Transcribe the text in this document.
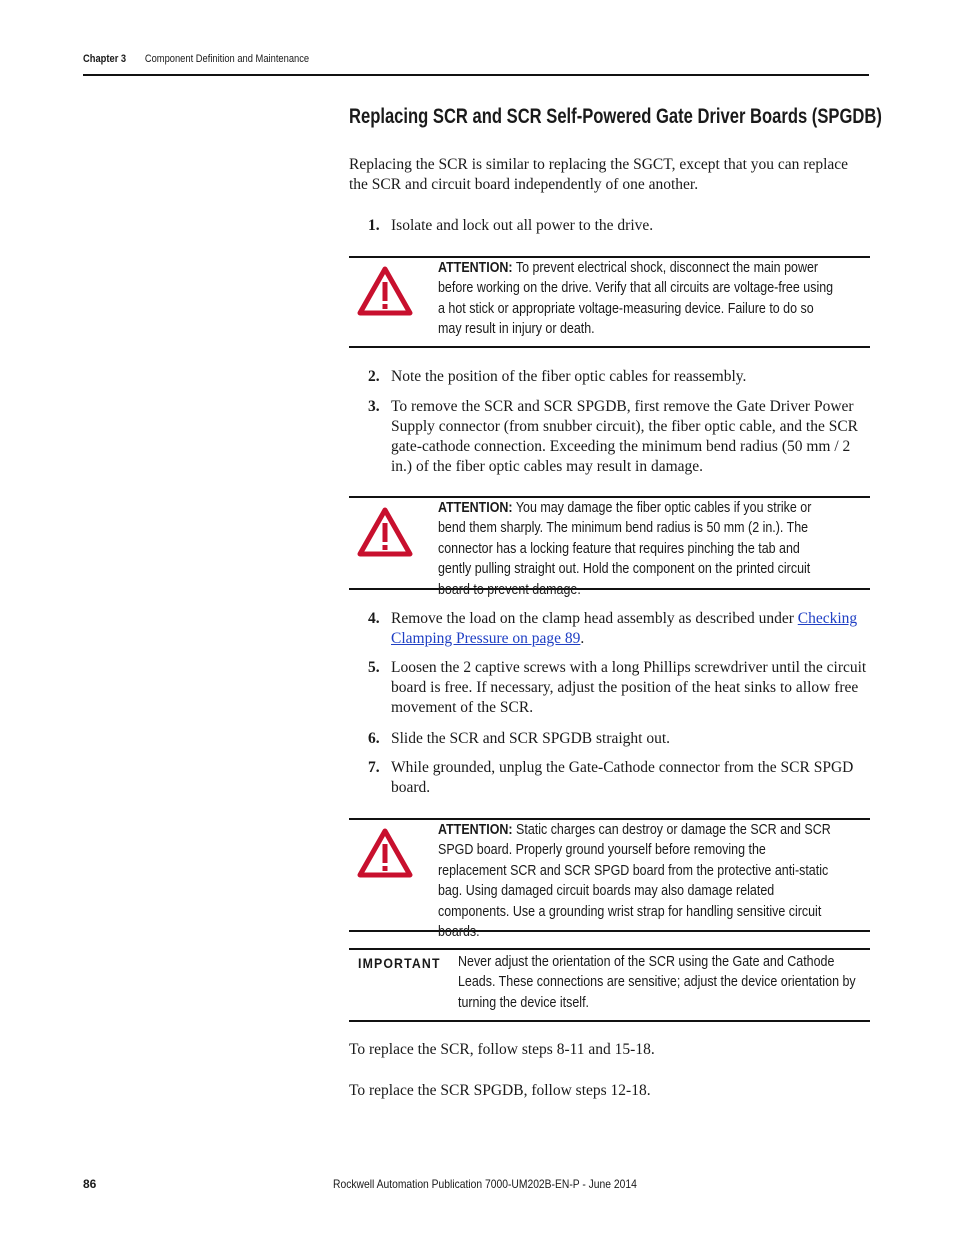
Chapter 3 Component Definition and Maintenance
Replacing SCR and SCR Self-Powered Gate Driver Boards (SPGDB)
Replacing the SCR is similar to replacing the SGCT, except that you can replace the SCR and circuit board independently of one another.
1. Isolate and lock out all power to the drive.
ATTENTION: To prevent electrical shock, disconnect the main power before working on the drive. Verify that all circuits are voltage-free using a hot stick or appropriate voltage-measuring device. Failure to do so may result in injury or death.
2. Note the position of the fiber optic cables for reassembly.
3. To remove the SCR and SCR SPGDB, first remove the Gate Driver Power Supply connector (from snubber circuit), the fiber optic cable, and the SCR gate-cathode connection. Exceeding the minimum bend radius (50 mm / 2 in.) of the fiber optic cables may result in damage.
ATTENTION: You may damage the fiber optic cables if you strike or bend them sharply. The minimum bend radius is 50 mm (2 in.). The connector has a locking feature that requires pinching the tab and gently pulling straight out. Hold the component on the printed circuit board to prevent damage.
4. Remove the load on the clamp head assembly as described under Checking Clamping Pressure on page 89.
5. Loosen the 2 captive screws with a long Phillips screwdriver until the circuit board is free. If necessary, adjust the position of the heat sinks to allow free movement of the SCR.
6. Slide the SCR and SCR SPGDB straight out.
7. While grounded, unplug the Gate-Cathode connector from the SCR SPGD board.
ATTENTION: Static charges can destroy or damage the SCR and SCR SPGD board. Properly ground yourself before removing the replacement SCR and SCR SPGD board from the protective anti-static bag. Using damaged circuit boards may also damage related components. Use a grounding wrist strap for handling sensitive circuit boards.
IMPORTANT Never adjust the orientation of the SCR using the Gate and Cathode Leads. These connections are sensitive; adjust the device orientation by turning the device itself.
To replace the SCR, follow steps 8-11 and 15-18.
To replace the SCR SPGDB, follow steps 12-18.
86	Rockwell Automation Publication 7000-UM202B-EN-P - June 2014
